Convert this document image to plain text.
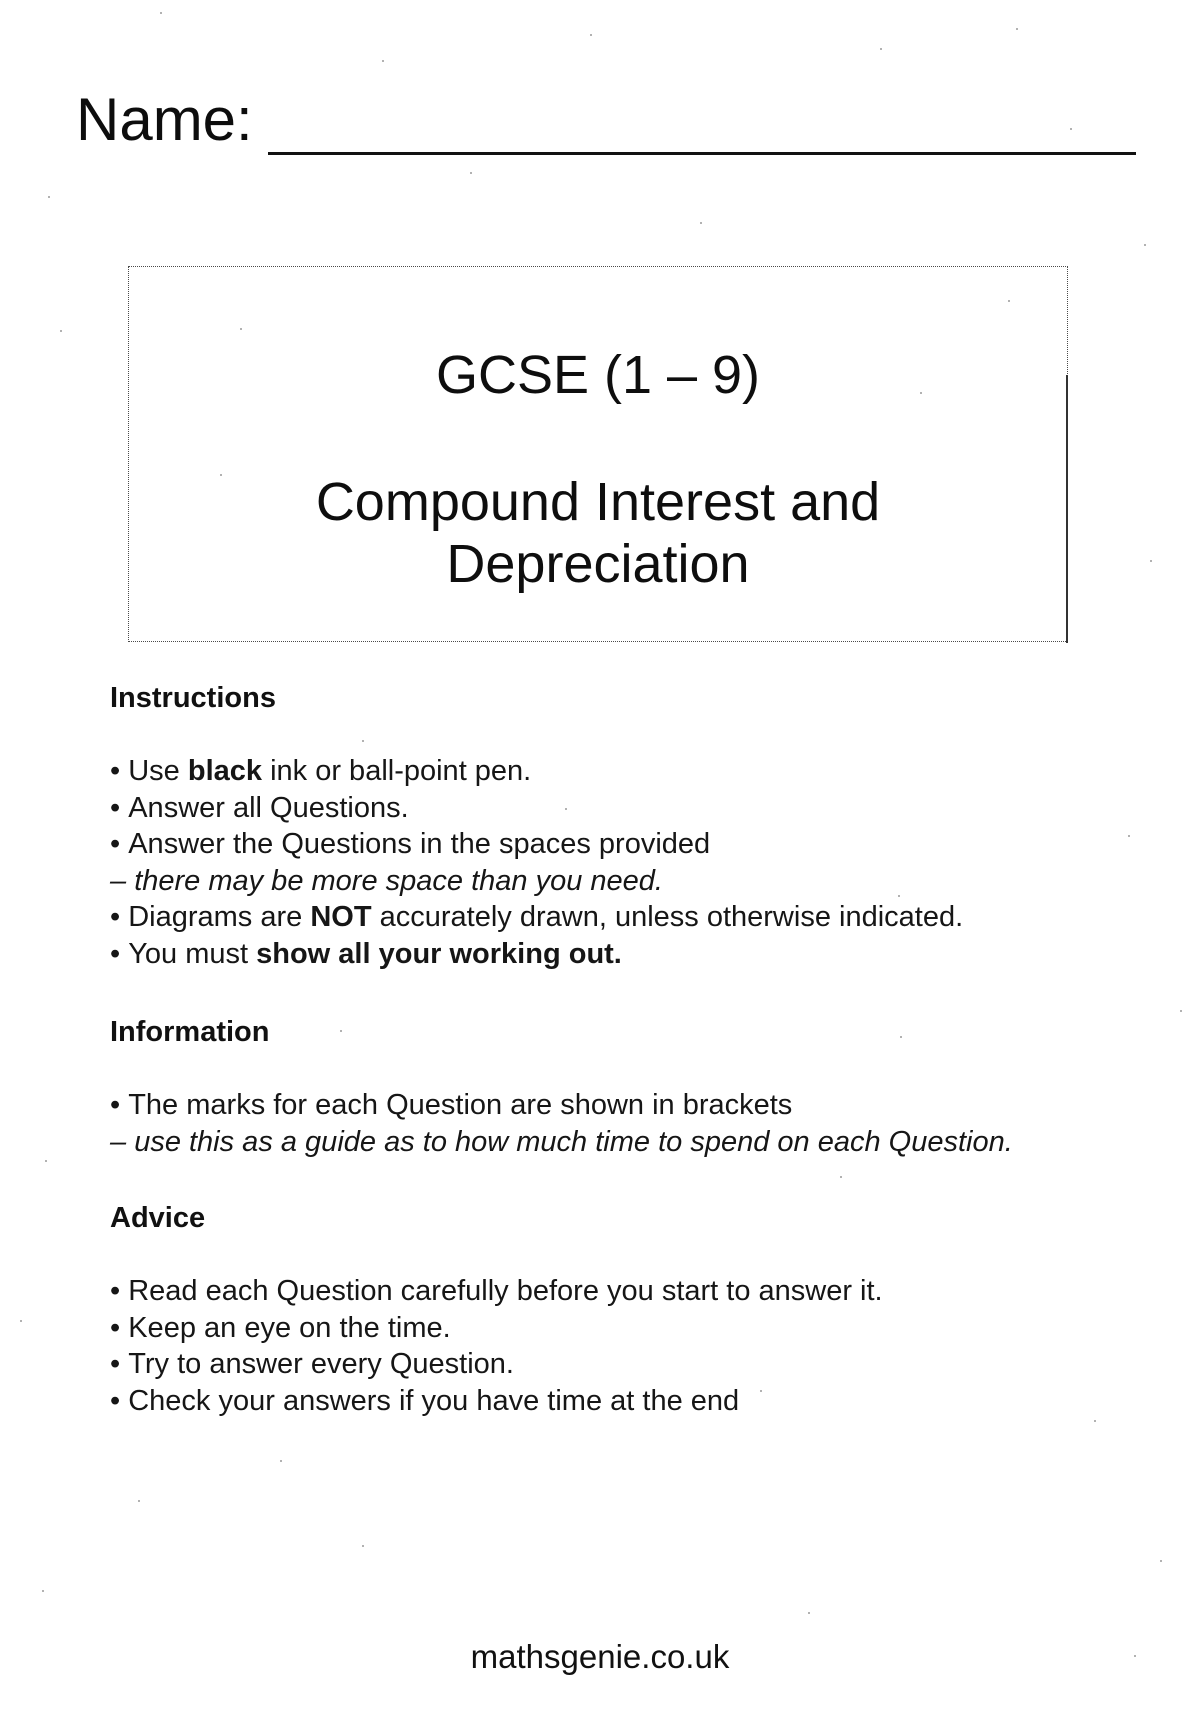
Name:
GCSE (1 – 9)
Compound Interest and
Depreciation
Instructions
• Use black ink or ball-point pen.
• Answer all Questions.
• Answer the Questions in the spaces provided
– there may be more space than you need.
• Diagrams are NOT accurately drawn, unless otherwise indicated.
• You must show all your working out.
Information
• The marks for each Question are shown in brackets
– use this as a guide as to how much time to spend on each Question.
Advice
• Read each Question carefully before you start to answer it.
• Keep an eye on the time.
• Try to answer every Question.
• Check your answers if you have time at the end
mathsgenie.co.uk
